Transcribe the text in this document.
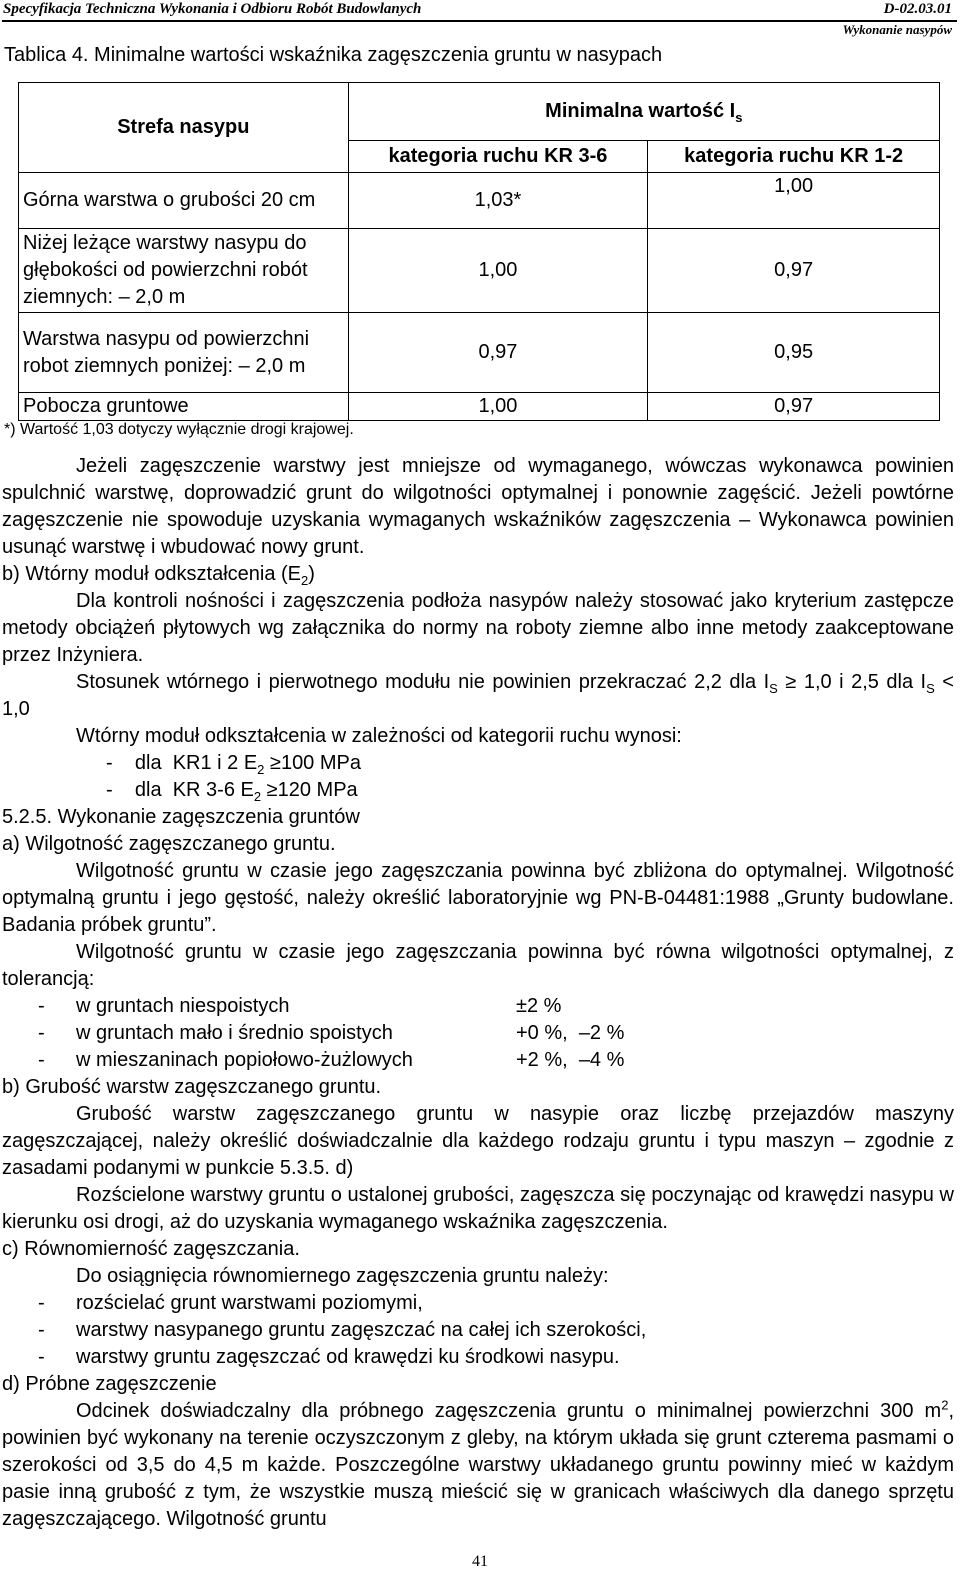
Specyfikacja Techniczna Wykonania i Odbioru Robót Budowlanych	D-02.03.01
Wykonanie nasypów
Tablica 4. Minimalne wartości wskaźnika zagęszczenia gruntu w nasypach
Strefa nasypu	Minimalna wartość $I_s$
	kategoria ruchu KR 3-6	kategoria ruchu KR 1-2
Górna warstwa o grubości 20 cm	1,03*	1,00
Niżej leżące warstwy nasypu do głębokości od powierzchni robót ziemnych: – 2,0 m	1,00	0,97
Warstwa nasypu od powierzchni robot ziemnych poniżej: – 2,0 m	0,97	0,95
Pobocza gruntowe	1,00	0,97
*) Wartość 1,03 dotyczy wyłącznie drogi krajowej.

Jeżeli zagęszczenie warstwy jest mniejsze od wymaganego, wówczas wykonawca powinien spulchnić warstwę, doprowadzić grunt do wilgotności optymalnej i ponownie zagęścić. Jeżeli powtórne zagęszczenie nie spowoduje uzyskania wymaganych wskaźników zagęszczenia – Wykonawca powinien usunąć warstwę i wbudować nowy grunt.

b) Wtórny moduł odkształcenia $(E_2)$

Dla kontroli nośności i zagęszczenia podłoża nasypów należy stosować jako kryterium zastępcze metody obciążeń płytowych wg załącznika do normy na roboty ziemne albo inne metody zaakceptowane przez Inżyniera.

Stosunek wtórnego i pierwotnego modułu nie powinien przekraczać 2,2 dla $I_S \ge 1,0$ i 2,5 dla $I_S < 1,0$

Wtórny moduł odkształcenia w zależności od kategorii ruchu wynosi:

-    dla  KR1 i 2 $E_2 \ge 100$ MPa

-    dla  KR 3-6 $E_2 \ge 120$ MPa

5.2.5. Wykonanie zagęszczenia gruntów

a) Wilgotność zagęszczanego gruntu.

Wilgotność gruntu w czasie jego zagęszczania powinna być zbliżona do optymalnej. Wilgotność optymalną gruntu i jego gęstość, należy określić laboratoryjnie wg PN-B-04481:1988 „Grunty budowlane. Badania próbek gruntu”.

Wilgotność gruntu w czasie jego zagęszczania powinna być równa wilgotności optymalnej, z tolerancją:

-	w gruntach niespoistych	±2 %
-	w gruntach mało i średnio spoistych	+0 %,  –2 %
-	w mieszaninach popiołowo-żużlowych	+2 %,  –4 %

b) Grubość warstw zagęszczanego gruntu.

Grubość warstw zagęszczanego gruntu w nasypie oraz liczbę przejazdów maszyny zagęszczającej, należy określić doświadczalnie dla każdego rodzaju gruntu i typu maszyn – zgodnie z zasadami podanymi w punkcie 5.3.5. d)

Rozścielone warstwy gruntu o ustalonej grubości, zagęszcza się poczynając od krawędzi nasypu w kierunku osi drogi, aż do uzyskania wymaganego wskaźnika zagęszczenia.

c) Równomierność zagęszczania.

Do osiągnięcia równomiernego zagęszczenia gruntu należy:

-	rozścielać grunt warstwami poziomymi,
-	warstwy nasypanego gruntu zagęszczać na całej ich szerokości,
-	warstwy gruntu zagęszczać od krawędzi ku środkowi nasypu.

d) Próbne zagęszczenie

Odcinek doświadczalny dla próbnego zagęszczenia gruntu o minimalnej powierzchni 300 $m^2$, powinien być wykonany na terenie oczyszczonym z gleby, na którym układa się grunt czterema pasmami o szerokości od 3,5 do 4,5 m każde. Poszczególne warstwy układanego gruntu powinny mieć w każdym pasie inną grubość z tym, że wszystkie muszą mieścić się w granicach właściwych dla danego sprzętu zagęszczającego. Wilgotność gruntu

41
